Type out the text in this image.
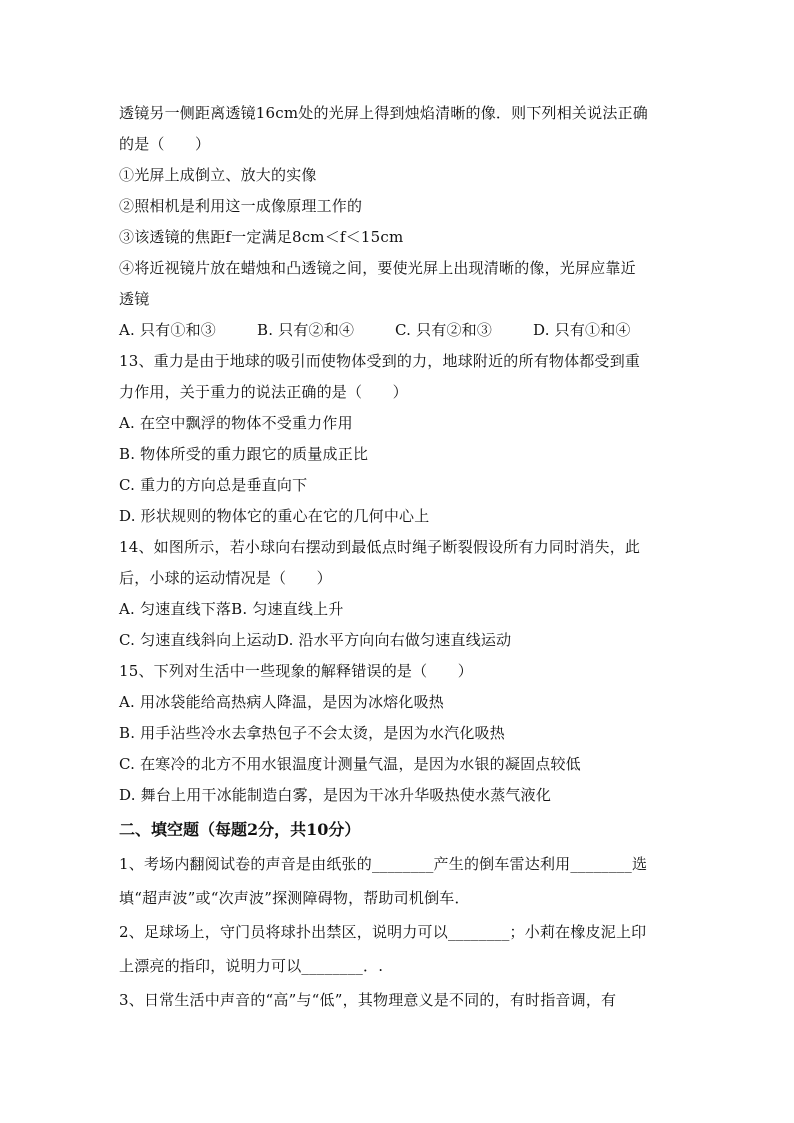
透镜另一侧距离透镜16cm处的光屏上得到烛焰清晰的像．则下列相关说法正确
的是（　　）
①光屏上成倒立、放大的实像
②照相机是利用这一成像原理工作的
③该透镜的焦距f一定满足8cm＜f＜15cm
④将近视镜片放在蜡烛和凸透镜之间，要使光屏上出现清晰的像，光屏应靠近
透镜
A. 只有①和③	B. 只有②和④	C. 只有②和③	D. 只有①和④
13、重力是由于地球的吸引而使物体受到的力，地球附近的所有物体都受到重
力作用，关于重力的说法正确的是（　　）
A. 在空中飘浮的物体不受重力作用
B. 物体所受的重力跟它的质量成正比
C. 重力的方向总是垂直向下
D. 形状规则的物体它的重心在它的几何中心上
14、如图所示，若小球向右摆动到最低点时绳子断裂假设所有力同时消失，此
后，小球的运动情况是（　　）
A. 匀速直线下落B. 匀速直线上升
C. 匀速直线斜向上运动D. 沿水平方向向右做匀速直线运动
15、下列对生活中一些现象的解释错误的是（　　）
A. 用冰袋能给高热病人降温，是因为冰熔化吸热
B. 用手沾些冷水去拿热包子不会太烫，是因为水汽化吸热
C. 在寒冷的北方不用水银温度计测量气温，是因为水银的凝固点较低
D. 舞台上用干冰能制造白雾，是因为干冰升华吸热使水蒸气液化
二、填空题（每题2分，共10分）
1、考场内翻阅试卷的声音是由纸张的________产生的倒车雷达利用________选
填“超声波”或“次声波”探测障碍物，帮助司机倒车．
2、足球场上，守门员将球扑出禁区，说明力可以________；小莉在橡皮泥上印
上漂亮的指印，说明力可以________．.
3、日常生活中声音的“高”与“低”，其物理意义是不同的，有时指音调，有
